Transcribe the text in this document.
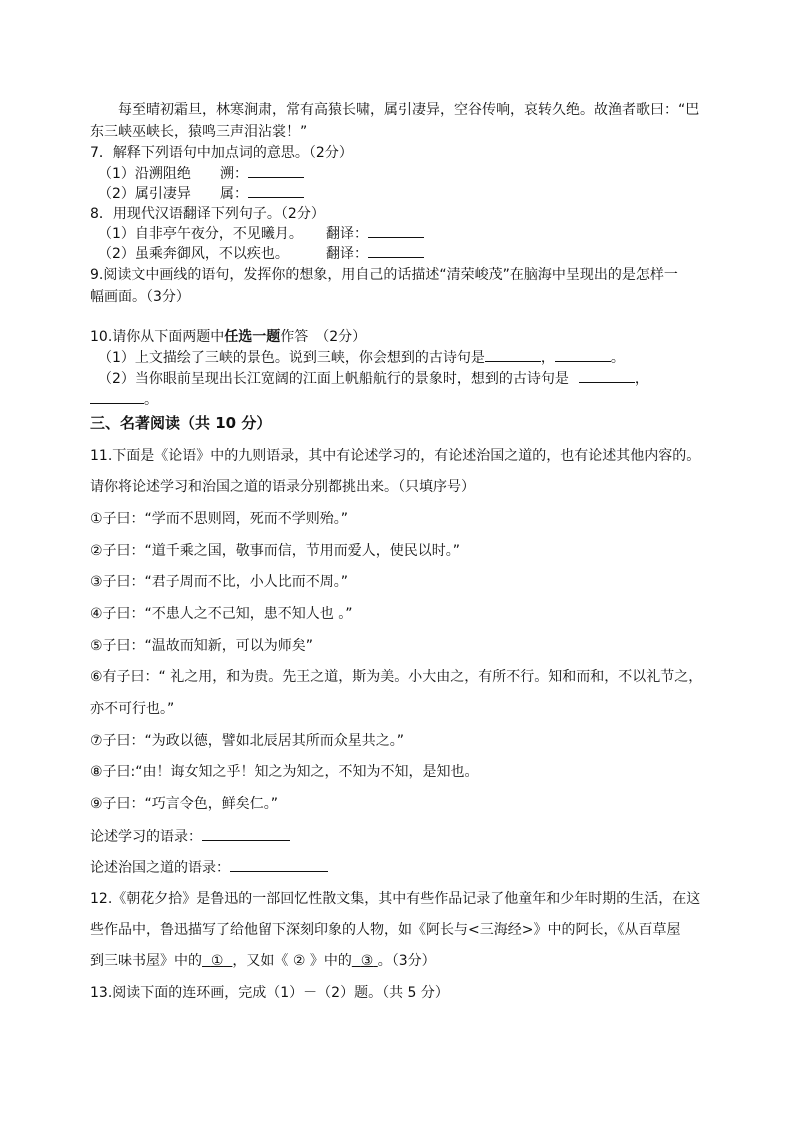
每至晴初霜旦，林寒涧肃，常有高猿长啸，属引凄异，空谷传响，哀转久绝。故渔者歌曰：“巴
东三峡巫峡长，猿鸣三声泪沾裳！”
7．解释下列语句中加点词的意思。（2分）
（1）沿溯阻绝 溯：
（2）属引凄异 属：
8．用现代汉语翻译下列句子。（2分）
（1）自非亭午夜分，不见曦月。 翻译：
（2）虽乘奔御风，不以疾也。	翻译：
9.阅读文中画线的语句，发挥你的想象，用自己的话描述“清荣峻茂”在脑海中呈现出的是怎样一
幅画面。（3分）
10.请你从下面两题中任选一题作答　（2分）
（1）上文描绘了三峡的景色。说到三峡，你会想到的古诗句是	，	。
（2）当你眼前呈现出长江宽阔的江面上帆船航行的景象时，想到的古诗句是	，
。
三、名著阅读（共 10 分）
11.下面是《论语》中的九则语录，其中有论述学习的，有论述治国之道的，也有论述其他内容的。
请你将论述学习和治国之道的语录分别都挑出来。（只填序号）
①子曰：“学而不思则罔，死而不学则殆。”
②子曰：“道千乘之国，敬事而信，节用而爱人，使民以时。”
③子曰：“君子周而不比，小人比而不周。”
④子曰：“不患人之不己知，患不知人也 。”
⑤子曰：“温故而知新，可以为师矣”
⑥有子曰：“ 礼之用，和为贵。先王之道，斯为美。小大由之，有所不行。知和而和，不以礼节之，
亦不可行也。”
⑦子曰：“为政以德，譬如北辰居其所而众星共之。”
⑧子曰:“由！诲女知之乎！知之为知之，不知为不知，是知也。
⑨子曰：“巧言令色，鲜矣仁。”
论述学习的语录：
论述治国之道的语录：
12.《朝花夕拾》是鲁迅的一部回忆性散文集，其中有些作品记录了他童年和少年时期的生活，在这
些作品中，鲁迅描写了给他留下深刻印象的人物，如《阿长与<三海经>》中的阿长，《从百草屋
到三味书屋》中的 ① ，又如《 ② 》中的 ③ 。（3分）
13.阅读下面的连环画，完成（1）－（2）题。（共 5 分）
